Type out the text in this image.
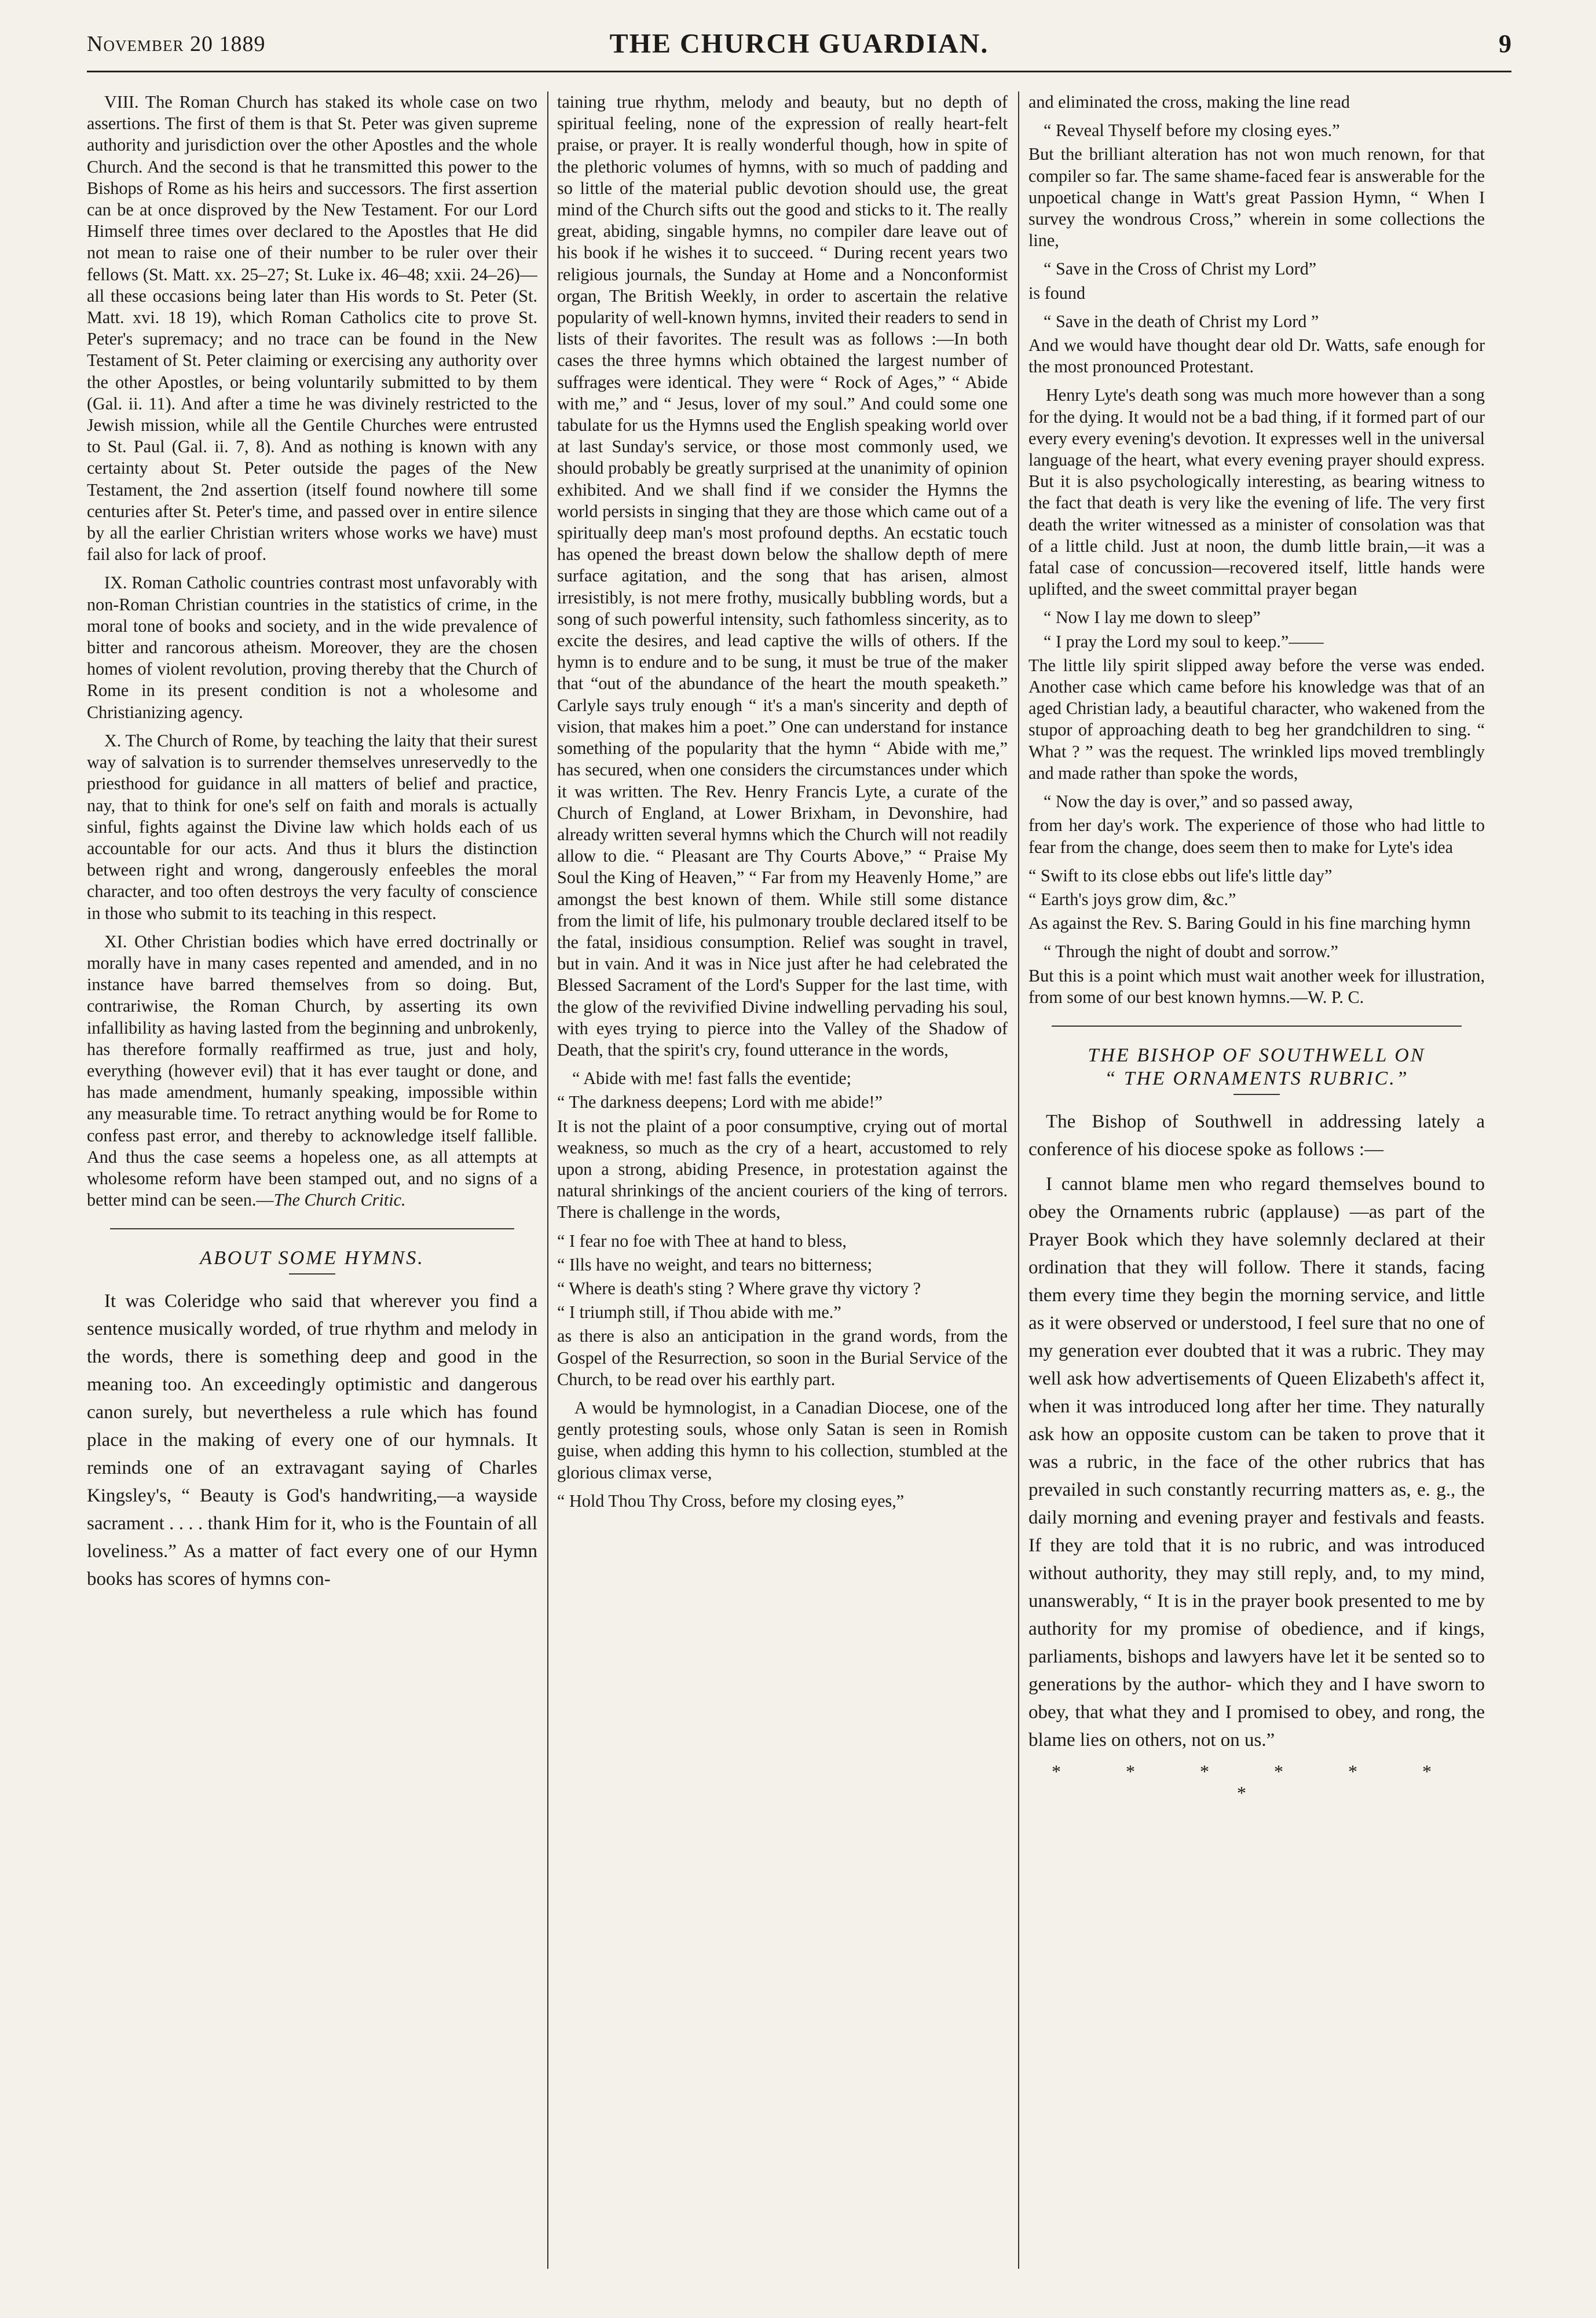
November 20 1889	THE CHURCH GUARDIAN.	9

VIII. The Roman Church has staked its whole case on two assertions. The first of them is that St. Peter was given supreme authority and jurisdiction over the other Apostles and the whole Church. And the second is that he transmitted this power to the Bishops of Rome as his heirs and successors. The first assertion can be at once disproved by the New Testament. For our Lord Himself three times over declared to the Apostles that He did not mean to raise one of their number to be ruler over their fellows (St. Matt. xx. 25–27; St. Luke ix. 46–48; xxii. 24–26)—all these occasions being later than His words to St. Peter (St. Matt. xvi. 18 19), which Roman Catholics cite to prove St. Peter's supremacy; and no trace can be found in the New Testament of St. Peter claiming or exercising any authority over the other Apostles, or being voluntarily submitted to by them (Gal. ii. 11). And after a time he was divinely restricted to the Jewish mission, while all the Gentile Churches were entrusted to St. Paul (Gal. ii. 7, 8). And as nothing is known with any certainty about St. Peter outside the pages of the New Testament, the 2nd assertion (itself found nowhere till some centuries after St. Peter's time, and passed over in entire silence by all the earlier Christian writers whose works we have) must fail also for lack of proof.

IX. Roman Catholic countries contrast most unfavorably with non-Roman Christian countries in the statistics of crime, in the moral tone of books and society, and in the wide prevalence of bitter and rancorous atheism. Moreover, they are the chosen homes of violent revolution, proving thereby that the Church of Rome in its present condition is not a wholesome and Christianizing agency.

X. The Church of Rome, by teaching the laity that their surest way of salvation is to surrender themselves unreservedly to the priesthood for guidance in all matters of belief and practice, nay, that to think for one's self on faith and morals is actually sinful, fights against the Divine law which holds each of us accountable for our acts. And thus it blurs the distinction between right and wrong, dangerously enfeebles the moral character, and too often destroys the very faculty of conscience in those who submit to its teaching in this respect.

XI. Other Christian bodies which have erred doctrinally or morally have in many cases repented and amended, and in no instance have barred themselves from so doing. But, contrariwise, the Roman Church, by asserting its own infallibility as having lasted from the beginning and unbrokenly, has therefore formally reaffirmed as true, just and holy, everything (however evil) that it has ever taught or done, and has made amendment, humanly speaking, impossible within any measurable time. To retract anything would be for Rome to confess past error, and thereby to acknowledge itself fallible. And thus the case seems a hopeless one, as all attempts at wholesome reform have been stamped out, and no signs of a better mind can be seen.—The Church Critic.

ABOUT SOME HYMNS.

It was Coleridge who said that wherever you find a sentence musically worded, of true rhythm and melody in the words, there is something deep and good in the meaning too. An exceedingly optimistic and dangerous canon surely, but nevertheless a rule which has found place in the making of every one of our hymnals. It reminds one of an extravagant saying of Charles Kingsley's, “ Beauty is God's handwriting,—a wayside sacrament . . . . thank Him for it, who is the Fountain of all loveliness.” As a matter of fact every one of our Hymn books has scores of hymns con-

taining true rhythm, melody and beauty, but no depth of spiritual feeling, none of the expression of really heart-felt praise, or prayer. It is really wonderful though, how in spite of the plethoric volumes of hymns, with so much of padding and so little of the material public devotion should use, the great mind of the Church sifts out the good and sticks to it. The really great, abiding, singable hymns, no compiler dare leave out of his book if he wishes it to succeed. “ During recent years two religious journals, the Sunday at Home and a Nonconformist organ, The British Weekly, in order to ascertain the relative popularity of well-known hymns, invited their readers to send in lists of their favorites. The result was as follows :—In both cases the three hymns which obtained the largest number of suffrages were identical. They were “ Rock of Ages,” “ Abide with me,” and “ Jesus, lover of my soul.” And could some one tabulate for us the Hymns used the English speaking world over at last Sunday's service, or those most commonly used, we should probably be greatly surprised at the unanimity of opinion exhibited. And we shall find if we consider the Hymns the world persists in singing that they are those which came out of a spiritually deep man's most profound depths. An ecstatic touch has opened the breast down below the shallow depth of mere surface agitation, and the song that has arisen, almost irresistibly, is not mere frothy, musically bubbling words, but a song of such powerful intensity, such fathomless sincerity, as to excite the desires, and lead captive the wills of others. If the hymn is to endure and to be sung, it must be true of the maker that “out of the abundance of the heart the mouth speaketh.” Carlyle says truly enough “ it's a man's sincerity and depth of vision, that makes him a poet.” One can understand for instance something of the popularity that the hymn “ Abide with me,” has secured, when one considers the circumstances under which it was written. The Rev. Henry Francis Lyte, a curate of the Church of England, at Lower Brixham, in Devonshire, had already written several hymns which the Church will not readily allow to die. “ Pleasant are Thy Courts Above,” “ Praise My Soul the King of Heaven,” “ Far from my Heavenly Home,” are amongst the best known of them. While still some distance from the limit of life, his pulmonary trouble declared itself to be the fatal, insidious consumption. Relief was sought in travel, but in vain. And it was in Nice just after he had celebrated the Blessed Sacrament of the Lord's Supper for the last time, with the glow of the revivified Divine indwelling pervading his soul, with eyes trying to pierce into the Valley of the Shadow of Death, that the spirit's cry, found utterance in the words,

“ Abide with me! fast falls the eventide;

“ The darkness deepens; Lord with me abide!”

It is not the plaint of a poor consumptive, crying out of mortal weakness, so much as the cry of a heart, accustomed to rely upon a strong, abiding Presence, in protestation against the natural shrinkings of the ancient couriers of the king of terrors. There is challenge in the words,

“ I fear no foe with Thee at hand to bless,

“ Ills have no weight, and tears no bitterness;

“ Where is death's sting ? Where grave thy victory ?

“ I triumph still, if Thou abide with me.”

as there is also an anticipation in the grand words, from the Gospel of the Resurrection, so soon in the Burial Service of the Church, to be read over his earthly part.

A would be hymnologist, in a Canadian Diocese, one of the gently protesting souls, whose only Satan is seen in Romish guise, when adding this hymn to his collection, stumbled at the glorious climax verse,

“ Hold Thou Thy Cross, before my closing eyes,”

and eliminated the cross, making the line read

“ Reveal Thyself before my closing eyes.”

But the brilliant alteration has not won much renown, for that compiler so far. The same shame-faced fear is answerable for the unpoetical change in Watt's great Passion Hymn, “ When I survey the wondrous Cross,” wherein in some collections the line,

“ Save in the Cross of Christ my Lord”

is found

“ Save in the death of Christ my Lord ”

And we would have thought dear old Dr. Watts, safe enough for the most pronounced Protestant.

Henry Lyte's death song was much more however than a song for the dying. It would not be a bad thing, if it formed part of our every every evening's devotion. It expresses well in the universal language of the heart, what every evening prayer should express. But it is also psychologically interesting, as bearing witness to the fact that death is very like the evening of life. The very first death the writer witnessed as a minister of consolation was that of a little child. Just at noon, the dumb little brain,—it was a fatal case of concussion—recovered itself, little hands were uplifted, and the sweet committal prayer began

“ Now I lay me down to sleep”

“ I pray the Lord my soul to keep.”——

The little lily spirit slipped away before the verse was ended. Another case which came before his knowledge was that of an aged Christian lady, a beautiful character, who wakened from the stupor of approaching death to beg her grandchildren to sing. “ What ? ” was the request. The wrinkled lips moved tremblingly and made rather than spoke the words,

“ Now the day is over,” and so passed away,

from her day's work. The experience of those who had little to fear from the change, does seem then to make for Lyte's idea

“ Swift to its close ebbs out life's little day”

“ Earth's joys grow dim, &c.”

As against the Rev. S. Baring Gould in his fine marching hymn

“ Through the night of doubt and sorrow.”

But this is a point which must wait another week for illustration, from some of our best known hymns.—W. P. C.

THE BISHOP OF SOUTHWELL ON
“ THE ORNAMENTS RUBRIC.”

The Bishop of Southwell in addressing lately a conference of his diocese spoke as follows :—

I cannot blame men who regard themselves bound to obey the Ornaments rubric (applause) —as part of the Prayer Book which they have solemnly declared at their ordination that they will follow. There it stands, facing them every time they begin the morning service, and little as it were observed or understood, I feel sure that no one of my generation ever doubted that it was a rubric. They may well ask how advertisements of Queen Elizabeth's affect it, when it was introduced long after her time. They naturally ask how an opposite custom can be taken to prove that it was a rubric, in the face of the other rubrics that has prevailed in such constantly recurring matters as, e. g., the daily morning and evening prayer and festivals and feasts. If they are told that it is no rubric, and was introduced without authority, they may still reply, and, to my mind, unanswerably, “ It is in the prayer book presented to me by authority for my promise of obedience, and if kings, parliaments, bishops and lawyers have let it be sented so to generations by the author- which they and I have sworn to obey, that what they and I promised to obey, and rong, the blame lies on others, not on us.”

* * * * * * *
